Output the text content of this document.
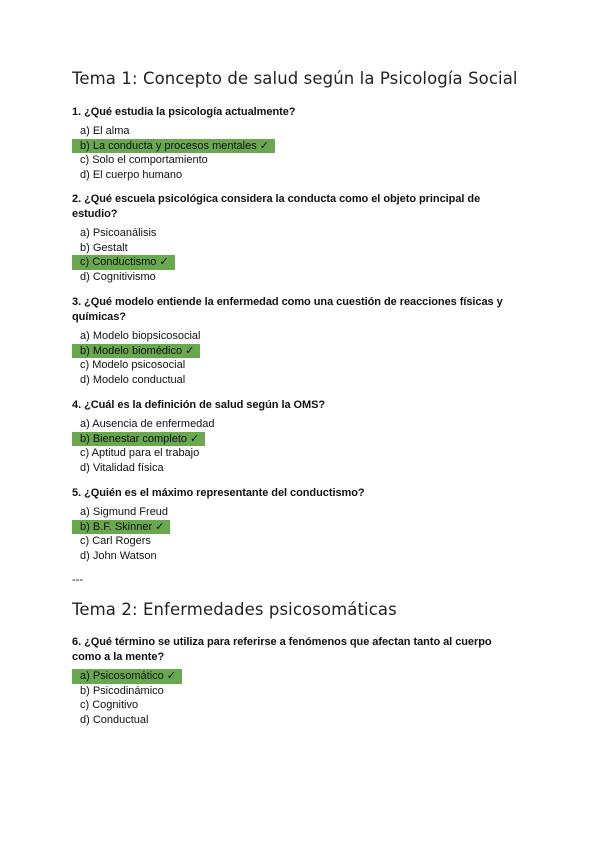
Tema 1: Concepto de salud según la Psicología Social

1. ¿Qué estudia la psicología actualmente?

a) El alma
b) La conducta y procesos mentales ✓
c) Solo el comportamiento
d) El cuerpo humano

2. ¿Qué escuela psicológica considera la conducta como el objeto principal de estudio?

a) Psicoanálisis
b) Gestalt
c) Conductismo ✓
d) Cognitivismo

3. ¿Qué modelo entiende la enfermedad como una cuestión de reacciones físicas y químicas?

a) Modelo biopsicosocial
b) Modelo biomédico ✓
c) Modelo psicosocial
d) Modelo conductual

4. ¿Cuál es la definición de salud según la OMS?

a) Ausencia de enfermedad
b) Bienestar completo ✓
c) Aptitud para el trabajo
d) Vitalidad física

5. ¿Quién es el máximo representante del conductismo?

a) Sigmund Freud
b) B.F. Skinner ✓
c) Carl Rogers
d) John Watson
---
Tema 2: Enfermedades psicosomáticas

6. ¿Qué término se utiliza para referirse a fenómenos que afectan tanto al cuerpo como a la mente?

a) Psicosomático ✓
b) Psicodinámico
c) Cognitivo
d) Conductual
